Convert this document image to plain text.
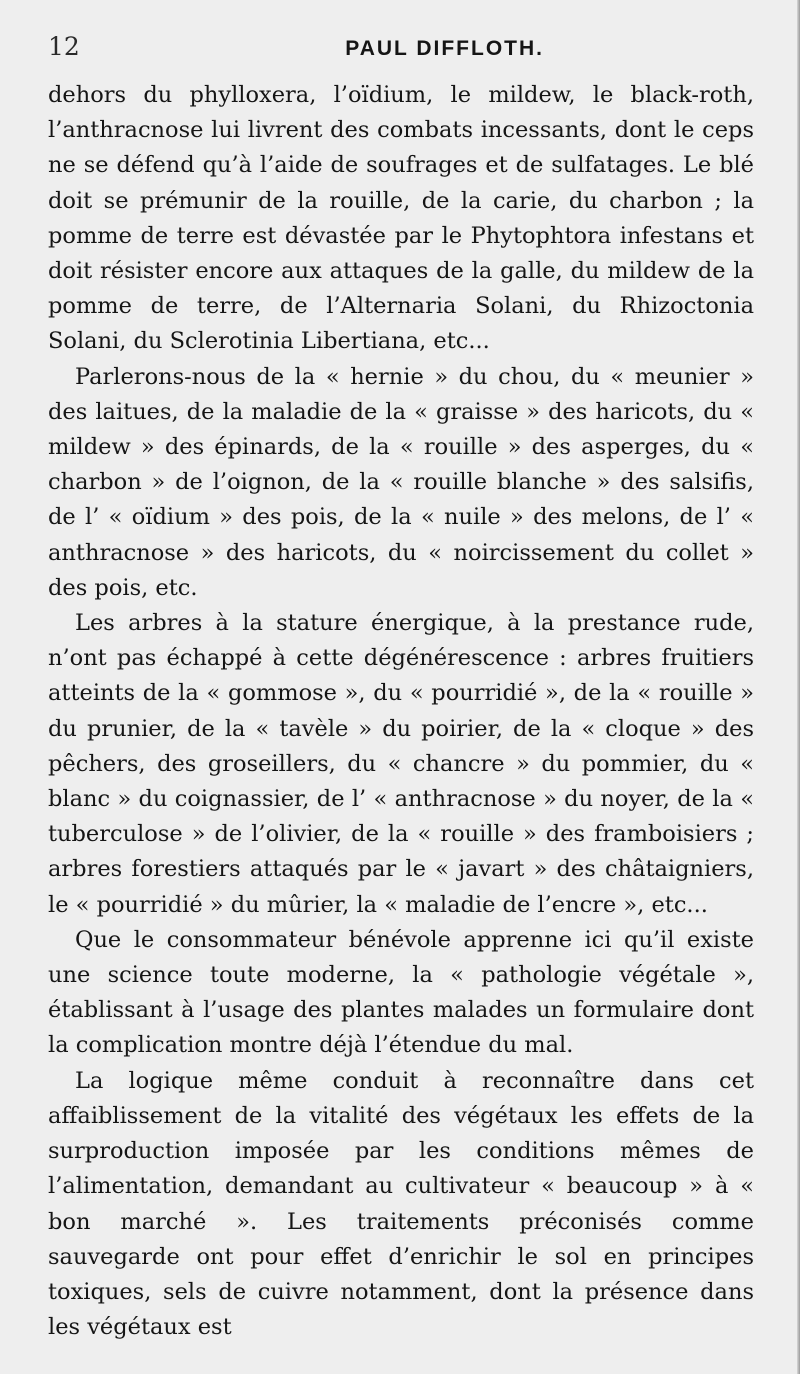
12	PAUL DIFFLOTH.

dehors du phylloxera, l’oïdium, le mildew, le black-roth, l’anthracnose lui livrent des combats incessants, dont le ceps ne se défend qu’à l’aide de soufrages et de sulfatages. Le blé doit se prémunir de la rouille, de la carie, du charbon ; la pomme de terre est dévastée par le Phytophtora infestans et doit résister encore aux attaques de la galle, du mildew de la pomme de terre, de l’Alternaria Solani, du Rhizoctonia Solani, du Sclerotinia Libertiana, etc...

Parlerons-nous de la « hernie » du chou, du « meunier » des laitues, de la maladie de la « graisse » des haricots, du « mildew » des épinards, de la « rouille » des asperges, du « charbon » de l’oignon, de la « rouille blanche » des salsifis, de l’ « oïdium » des pois, de la « nuile » des melons, de l’ « anthracnose » des haricots, du « noircissement du collet » des pois, etc.

Les arbres à la stature énergique, à la prestance rude, n’ont pas échappé à cette dégénérescence : arbres fruitiers atteints de la « gommose », du « pourridié », de la « rouille » du prunier, de la « tavèle » du poirier, de la « cloque » des pêchers, des groseillers, du « chancre » du pommier, du « blanc » du coignassier, de l’ « anthracnose » du noyer, de la « tuberculose » de l’olivier, de la « rouille » des framboisiers ; arbres forestiers attaqués par le « javart » des châtaigniers, le « pourridié » du mûrier, la « maladie de l’encre », etc...

Que le consommateur bénévole apprenne ici qu’il existe une science toute moderne, la « pathologie végétale », établissant à l’usage des plantes malades un formulaire dont la complication montre déjà l’étendue du mal.

La logique même conduit à reconnaître dans cet affaiblissement de la vitalité des végétaux les effets de la surproduction imposée par les conditions mêmes de l’alimentation, demandant au cultivateur « beaucoup » à « bon marché ». Les traitements préconisés comme sauvegarde ont pour effet d’enrichir le sol en principes toxiques, sels de cuivre notamment, dont la présence dans les végétaux est
